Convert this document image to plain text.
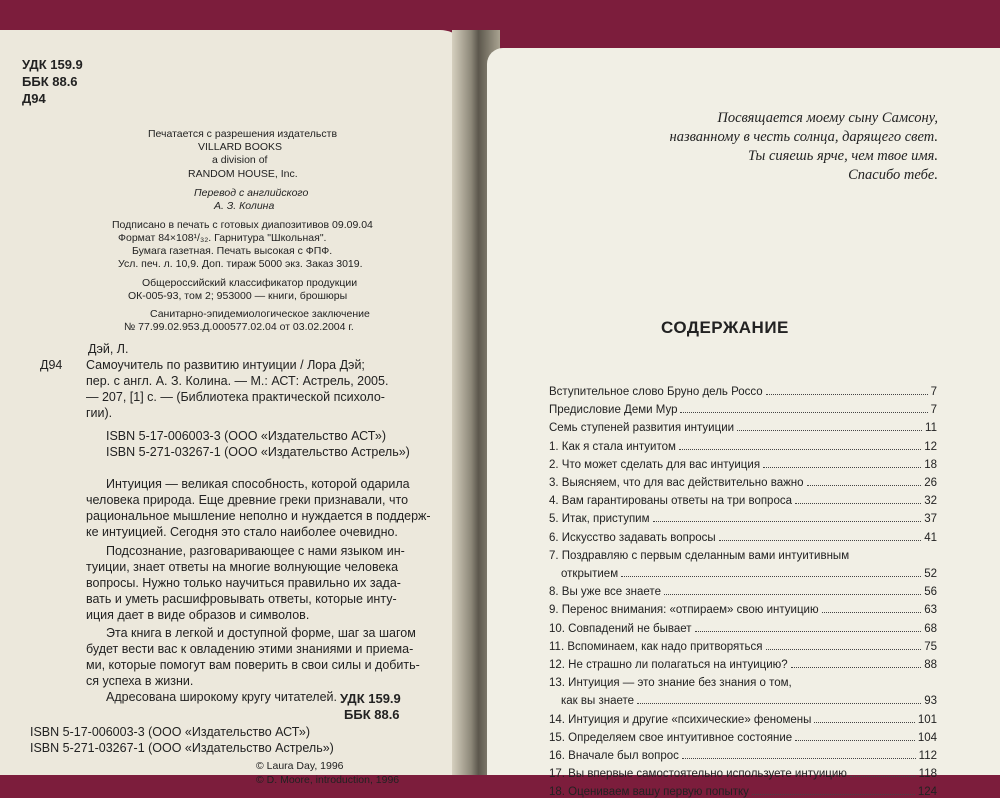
УДК 159.9
ББК 88.6
Д94
Печатается с разрешения издательств
VILLARD BOOKS
a division of
RANDOM HOUSE, Inc.
Перевод с английского
А. З. Колина
Подписано в печать с готовых диапозитивов 09.09.04
Формат 84×108¹/₃₂. Гарнитура "Школьная".
Бумага газетная. Печать высокая с ФПФ.
Усл. печ. л. 10,9. Доп. тираж 5000 экз. Заказ 3019.
Общероссийский классификатор продукции
ОК-005-93, том 2; 953000 — книги, брошюры
Санитарно-эпидемиологическое заключение
№ 77.99.02.953.Д.000577.02.04 от 03.02.2004 г.
Дэй, Л.
Д94 Самоучитель по развитию интуиции / Лора Дэй;
пер. с англ. А. З. Колина. — М.: АСТ: Астрель, 2005.
— 207, [1] с. — (Библиотека практической психоло-
гии).
ISBN 5-17-006003-3 (ООО «Издательство АСТ»)
ISBN 5-271-03267-1 (ООО «Издательство Астрель»)
Интуиция — великая способность, которой одарила
человека природа. Еще древние греки признавали, что
рациональное мышление неполно и нуждается в поддерж-
ке интуицией. Сегодня это стало наиболее очевидно.
Подсознание, разговаривающее с нами языком ин-
туиции, знает ответы на многие волнующие человека
вопросы. Нужно только научиться правильно их зада-
вать и уметь расшифровывать ответы, которые инту-
иция дает в виде образов и символов.
Эта книга в легкой и доступной форме, шаг за шагом
будет вести вас к овладению этими знаниями и приема-
ми, которые помогут вам поверить в свои силы и добить-
ся успеха в жизни.
Адресована широкому кругу читателей. УДК 159.9
ББК 88.6
ISBN 5-17-006003-3 (ООО «Издательство АСТ»)
ISBN 5-271-03267-1 (ООО «Издательство Астрель»)
© Laura Day, 1996
© D. Moore, introduction, 1996
Посвящается моему сыну Самсону,
названному в честь солнца, дарящего свет.
Ты сияешь ярче, чем твое имя.
Спасибо тебе.
СОДЕРЖАНИЕ
Вступительное слово Бруно дель Россо	7
Предисловие Деми Мур	7
Семь ступеней развития интуиции	11
1. Как я стала интуитом	12
2. Что может сделать для вас интуиция	18
3. Выясняем, что для вас действительно важно	26
4. Вам гарантированы ответы на три вопроса	32
5. Итак, приступим	37
6. Искусство задавать вопросы	41
7. Поздравляю с первым сделанным вами интуитивным
открытием	52
8. Вы уже все знаете	56
9. Перенос внимания: «отпираем» свою интуицию	63
10. Совпадений не бывает	68
11. Вспоминаем, как надо притворяться	75
12. Не страшно ли полагаться на интуицию?	88
13. Интуиция — это знание без знания о том,
как вы знаете	93
14. Интуиция и другие «психические» феномены	101
15. Определяем свое интуитивное состояние	104
16. Вначале был вопрос	112
17. Вы впервые самостоятельно используете интуицию	118
18. Оцениваем вашу первую попытку	124
